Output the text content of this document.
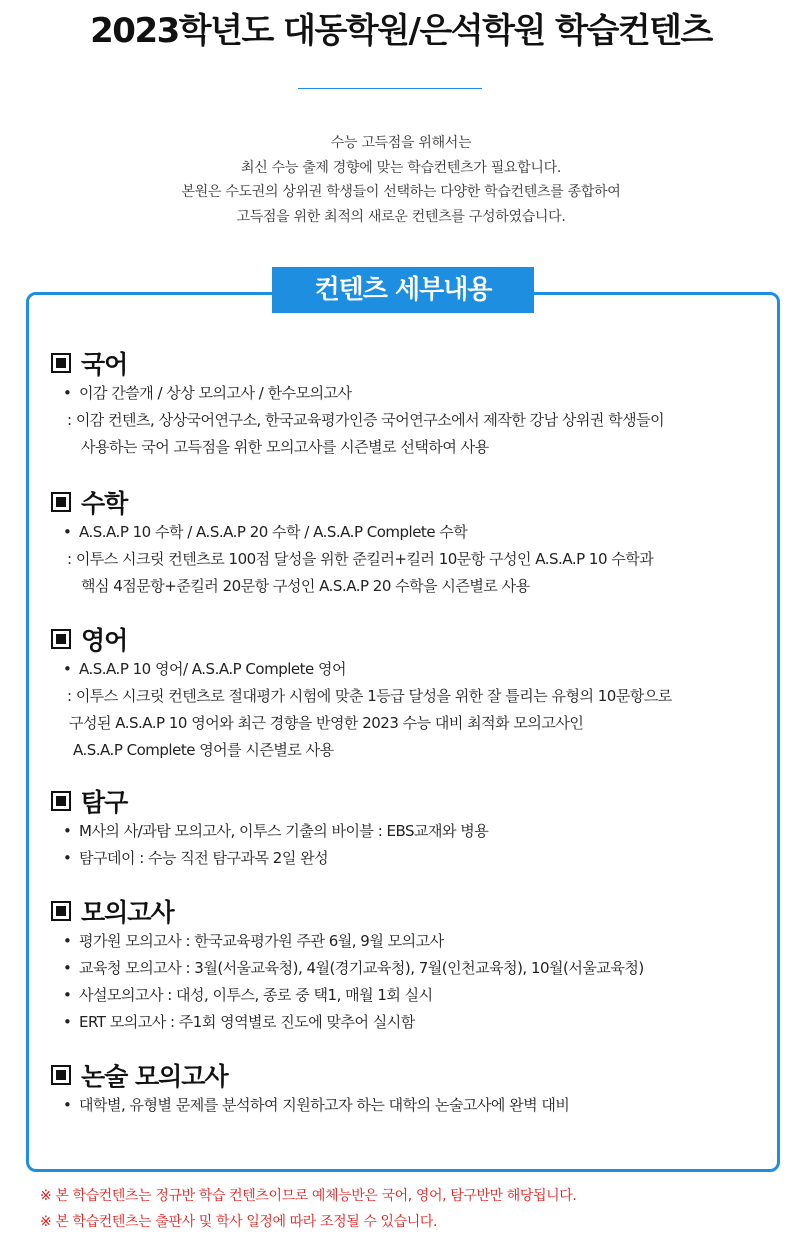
2023학년도 대동학원/은석학원 학습컨텐츠

수능 고득점을 위해서는

최신 수능 출제 경향에 맞는 학습컨텐츠가 필요합니다.

본원은 수도권의 상위권 학생들이 선택하는 다양한 학습컨텐츠를 종합하여

고득점을 위한 최적의 새로운 컨텐츠를 구성하였습니다.

컨텐츠 세부내용
국어
• 이감 간쓸개 / 상상 모의고사 / 한수모의고사
: 이감 컨텐츠, 상상국어연구소, 한국교육평가인증 국어연구소에서 제작한 강남 상위권 학생들이
사용하는 국어 고득점을 위한 모의고사를 시즌별로 선택하여 사용
수학
• A.S.A.P 10 수학 / A.S.A.P 20 수학 / A.S.A.P Complete 수학
: 이투스 시크릿 컨텐츠로 100점 달성을 위한 준킬러+킬러 10문항 구성인 A.S.A.P 10 수학과
핵심 4점문항+준킬러 20문항 구성인 A.S.A.P 20 수학을 시즌별로 사용
영어
• A.S.A.P 10 영어/ A.S.A.P Complete 영어
: 이투스 시크릿 컨텐츠로 절대평가 시험에 맞춘 1등급 달성을 위한 잘 틀리는 유형의 10문항으로
구성된 A.S.A.P 10 영어와 최근 경향을 반영한 2023 수능 대비 최적화 모의고사인
A.S.A.P Complete 영어를 시즌별로 사용
탐구
• M사의 사/과탐 모의고사, 이투스 기출의 바이블 : EBS교재와 병용
• 탐구데이 : 수능 직전 탐구과목 2일 완성
모의고사
• 평가원 모의고사 : 한국교육평가원 주관 6월, 9월 모의고사
• 교육청 모의고사 : 3월(서울교육청), 4월(경기교육청), 7월(인천교육청), 10월(서울교육청)
• 사설모의고사 : 대성, 이투스, 종로 중 택1, 매월 1회 실시
• ERT 모의고사 : 주1회 영역별로 진도에 맞추어 실시함
논술 모의고사
• 대학별, 유형별 문제를 분석하여 지원하고자 하는 대학의 논술고사에 완벽 대비
※ 본 학습컨텐츠는 정규반 학습 컨텐츠이므로 예체능반은 국어, 영어, 탐구반만 해당됩니다.
※ 본 학습컨텐츠는 출판사 및 학사 일정에 따라 조정될 수 있습니다.
